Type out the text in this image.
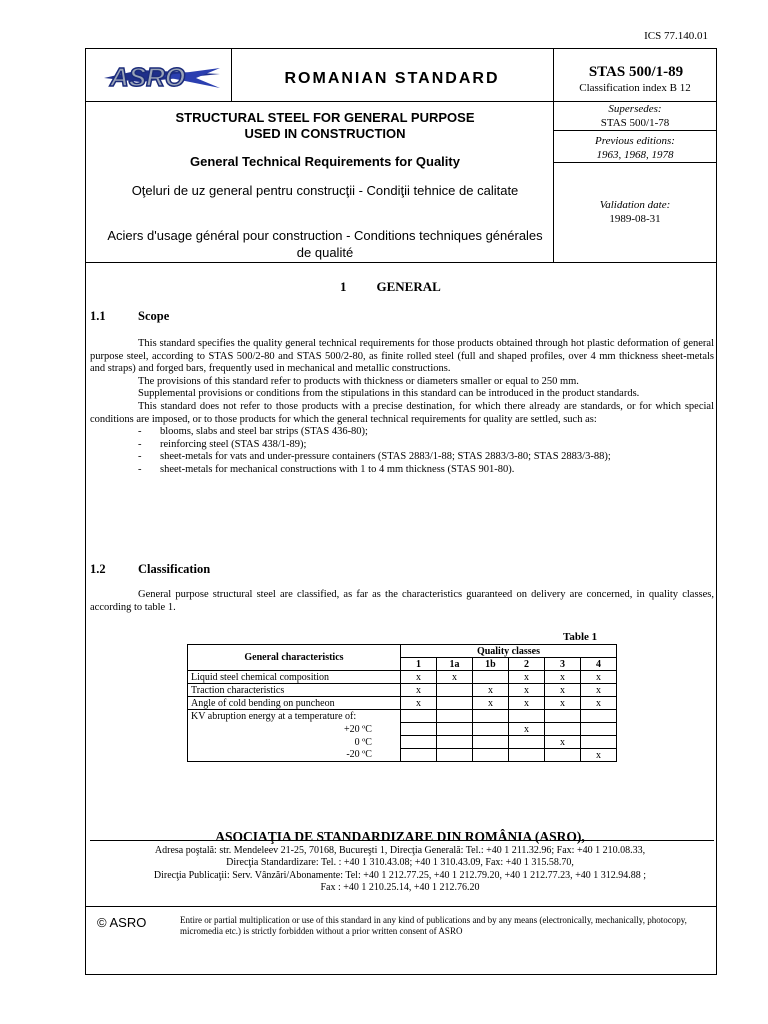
ICS 77.140.01
ASRO	ROMANIAN STANDARD	STAS 500/1-89
Classification index B 12
Supersedes:
STAS 500/1-78
Previous editions:
1963, 1968, 1978
Validation date:
1989-08-31
STRUCTURAL STEEL FOR GENERAL PURPOSE
USED IN CONSTRUCTION
General Technical Requirements for Quality
Oţeluri de uz general pentru construcţii - Condiţii tehnice de calitate
Aciers d'usage général pour construction - Conditions techniques générales de qualité
1 GENERAL
1.1	Scope

This standard specifies the quality general technical requirements for those products obtained through hot plastic deformation of general purpose steel, according to STAS 500/2-80 and STAS 500/2-80, as finite rolled steel (full and shaped profiles, over 4 mm thickness sheet-metals and straps) and forged bars, frequently used in mechanical and metallic constructions.

The provisions of this standard refer to products with thickness or diameters smaller or equal to 250 mm.

Supplemental provisions or conditions from the stipulations in this standard can be introduced in the product standards.

This standard does not refer to those products with a precise destination, for which there already are standards, or for which special conditions are imposed, or to those products for which the general technical requirements for quality are settled, such as:

- blooms, slabs and steel bar strips (STAS 436-80);
- reinforcing steel (STAS 438/1-89);
- sheet-metals for vats and under-pressure containers (STAS 2883/1-88; STAS 2883/3-80; STAS 2883/3-88);
- sheet-metals for mechanical constructions with 1 to 4 mm thickness (STAS 901-80).
1.2	Classification

General purpose structural steel are classified, as far as the characteristics guaranteed on delivery are concerned, in quality classes, according to table 1.

Table 1
General characteristics	Quality classes					
	1	1a	1b	2	3	4
Liquid steel chemical composition	x	x		x	x	x
Traction characteristics	x		x	x	x	x
Angle of cold bending on puncheon	x		x	x	x	x
KV abruption energy at a temperature of:						
+20 ºC				x		
0 ºC					x	
-20 ºC						x
ASOCIAŢIA DE STANDARDIZARE DIN ROMÂNIA (ASRO),
Adresa poştală: str. Mendeleev 21-25, 70168, Bucureşti 1, Direcţia Generală: Tel.: +40 1 211.32.96; Fax: +40 1 210.08.33,
Direcţia Standardizare: Tel. : +40 1 310.43.08; +40 1 310.43.09, Fax: +40 1 315.58.70,
Direcţia Publicaţii: Serv. Vânzări/Abonamente: Tel: +40 1 212.77.25, +40 1 212.79.20, +40 1 212.77.23, +40 1 312.94.88 ;
Fax : +40 1 210.25.14, +40 1 212.76.20
© ASRO	Entire or partial multiplication or use of this standard in any kind of publications and by any means (electronically, mechanically, photocopy, micromedia etc.) is strictly forbidden without a prior written consent of ASRO
